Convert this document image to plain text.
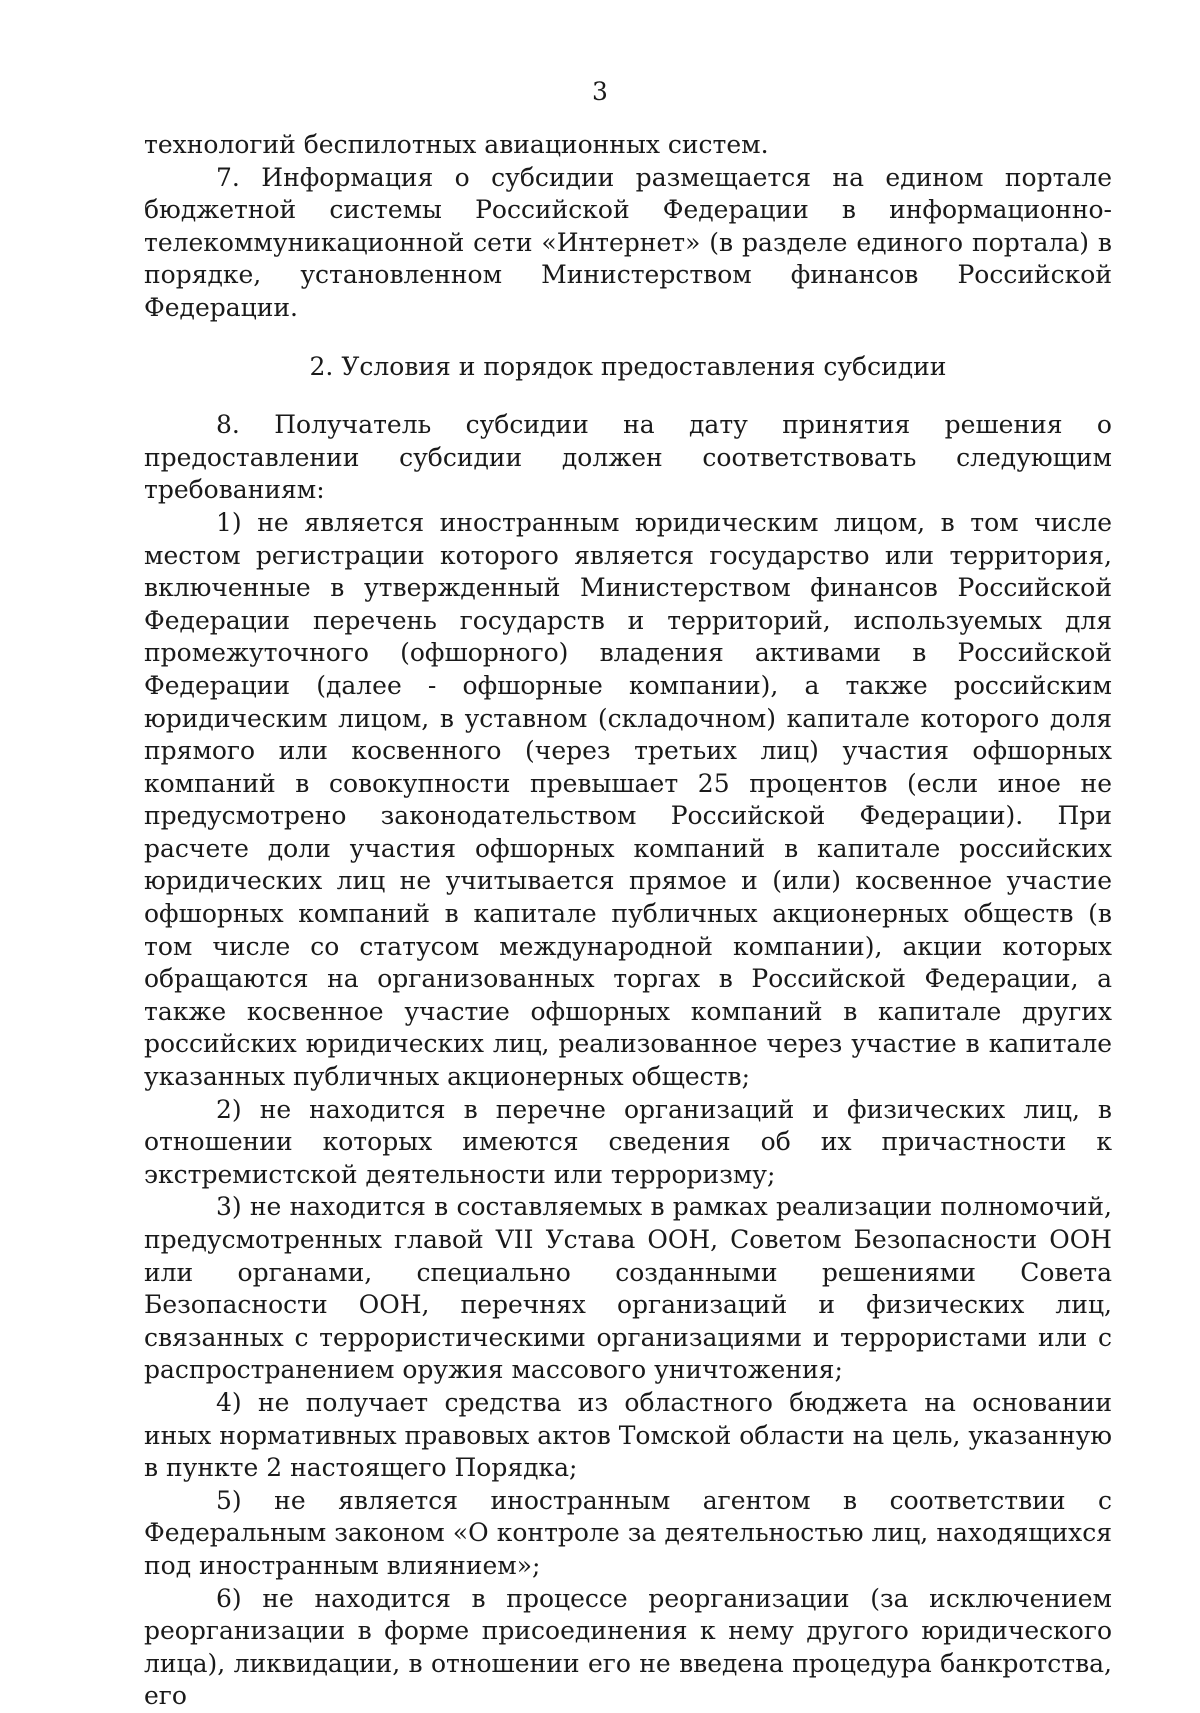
3

технологий беспилотных авиационных систем.

7. Информация о субсидии размещается на едином портале бюджетной системы Российской Федерации в информационно-телекоммуникационной сети «Интернет» (в разделе единого портала) в порядке, установленном Министерством финансов Российской Федерации.

2. Условия и порядок предоставления субсидии

8. Получатель субсидии на дату принятия решения о предоставлении субсидии должен соответствовать следующим требованиям:

1) не является иностранным юридическим лицом, в том числе местом регистрации которого является государство или территория, включенные в утвержденный Министерством финансов Российской Федерации перечень государств и территорий, используемых для промежуточного (офшорного) владения активами в Российской Федерации (далее - офшорные компании), а также российским юридическим лицом, в уставном (складочном) капитале которого доля прямого или косвенного (через третьих лиц) участия офшорных компаний в совокупности превышает 25 процентов (если иное не предусмотрено законодательством Российской Федерации). При расчете доли участия офшорных компаний в капитале российских юридических лиц не учитывается прямое и (или) косвенное участие офшорных компаний в капитале публичных акционерных обществ (в том числе со статусом международной компании), акции которых обращаются на организованных торгах в Российской Федерации, а также косвенное участие офшорных компаний в капитале других российских юридических лиц, реализованное через участие в капитале указанных публичных акционерных обществ;

2) не находится в перечне организаций и физических лиц, в отношении которых имеются сведения об их причастности к экстремистской деятельности или терроризму;

3) не находится в составляемых в рамках реализации полномочий, предусмотренных главой VII Устава ООН, Советом Безопасности ООН или органами, специально созданными решениями Совета Безопасности ООН, перечнях организаций и физических лиц, связанных с террористическими организациями и террористами или с распространением оружия массового уничтожения;

4) не получает средства из областного бюджета на основании иных нормативных правовых актов Томской области на цель, указанную в пункте 2 настоящего Порядка;

5) не является иностранным агентом в соответствии с Федеральным законом «О контроле за деятельностью лиц, находящихся под иностранным влиянием»;

6) не находится в процессе реорганизации (за исключением реорганизации в форме присоединения к нему другого юридического лица), ликвидации, в отношении его не введена процедура банкротства, его
